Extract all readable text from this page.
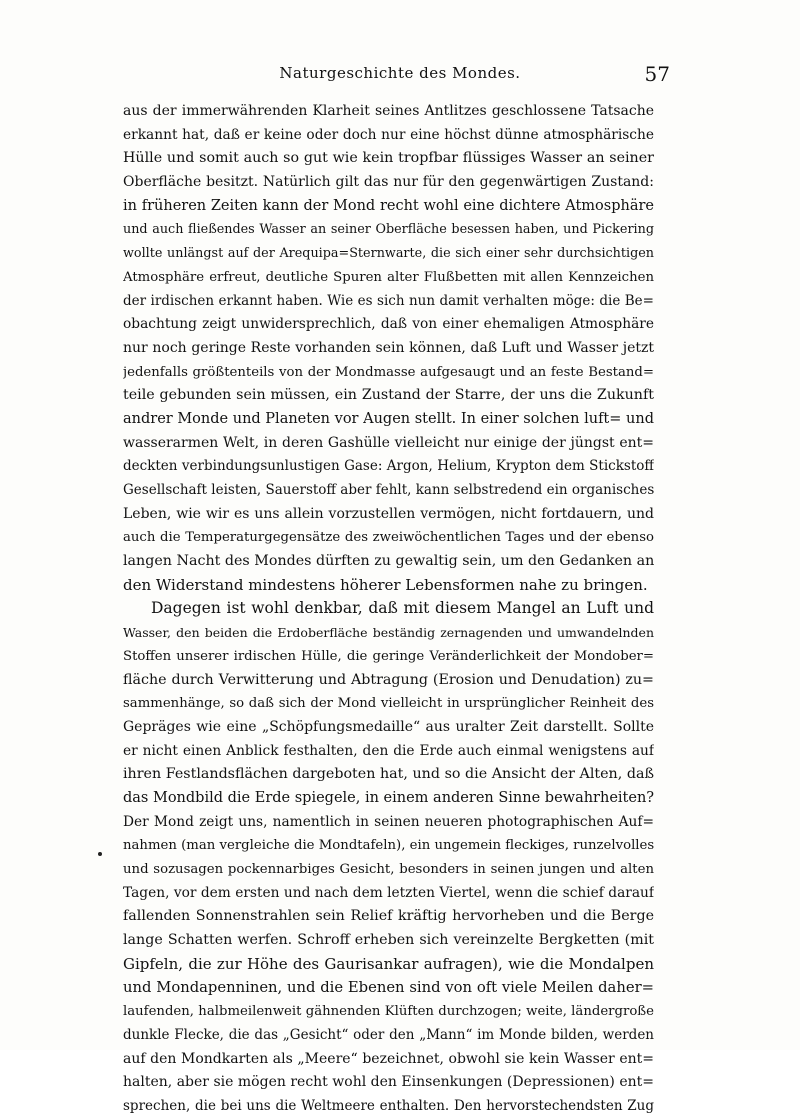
Naturgeschichte des Mondes.	57
aus der immerwährenden Klarheit seines Antlitzes geschlossene Tatsache
erkannt hat, daß er keine oder doch nur eine höchst dünne atmosphärische
Hülle und somit auch so gut wie kein tropfbar flüssiges Wasser an seiner
Oberfläche besitzt. Natürlich gilt das nur für den gegenwärtigen Zustand:
in früheren Zeiten kann der Mond recht wohl eine dichtere Atmosphäre
und auch fließendes Wasser an seiner Oberfläche besessen haben, und Pickering
wollte unlängst auf der Arequipa=Sternwarte, die sich einer sehr durchsichtigen
Atmosphäre erfreut, deutliche Spuren alter Flußbetten mit allen Kennzeichen
der irdischen erkannt haben. Wie es sich nun damit verhalten möge: die Be=
obachtung zeigt unwidersprechlich, daß von einer ehemaligen Atmosphäre
nur noch geringe Reste vorhanden sein können, daß Luft und Wasser jetzt
jedenfalls größtenteils von der Mondmasse aufgesaugt und an feste Bestand=
teile gebunden sein müssen, ein Zustand der Starre, der uns die Zukunft
andrer Monde und Planeten vor Augen stellt. In einer solchen luft= und
wasserarmen Welt, in deren Gashülle vielleicht nur einige der jüngst ent=
deckten verbindungsunlustigen Gase: Argon, Helium, Krypton dem Stickstoff
Gesellschaft leisten, Sauerstoff aber fehlt, kann selbstredend ein organisches
Leben, wie wir es uns allein vorzustellen vermögen, nicht fortdauern, und
auch die Temperaturgegensätze des zweiwöchentlichen Tages und der ebenso
langen Nacht des Mondes dürften zu gewaltig sein, um den Gedanken an
den Widerstand mindestens höherer Lebensformen nahe zu bringen.
Dagegen ist wohl denkbar, daß mit diesem Mangel an Luft und
Wasser, den beiden die Erdoberfläche beständig zernagenden und umwandelnden
Stoffen unserer irdischen Hülle, die geringe Veränderlichkeit der Mondober=
fläche durch Verwitterung und Abtragung (Erosion und Denudation) zu=
sammenhänge, so daß sich der Mond vielleicht in ursprünglicher Reinheit des
Gepräges wie eine „Schöpfungsmedaille“ aus uralter Zeit darstellt. Sollte
er nicht einen Anblick festhalten, den die Erde auch einmal wenigstens auf
ihren Festlandsflächen dargeboten hat, und so die Ansicht der Alten, daß
das Mondbild die Erde spiegele, in einem anderen Sinne bewahrheiten?
Der Mond zeigt uns, namentlich in seinen neueren photographischen Auf=
nahmen (man vergleiche die Mondtafeln), ein ungemein fleckiges, runzelvolles
und sozusagen pockennarbiges Gesicht, besonders in seinen jungen und alten
Tagen, vor dem ersten und nach dem letzten Viertel, wenn die schief darauf
fallenden Sonnenstrahlen sein Relief kräftig hervorheben und die Berge
lange Schatten werfen. Schroff erheben sich vereinzelte Bergketten (mit
Gipfeln, die zur Höhe des Gaurisankar aufragen), wie die Mondalpen
und Mondapenninen, und die Ebenen sind von oft viele Meilen daher=
laufenden, halbmeilenweit gähnenden Klüften durchzogen; weite, ländergroße
dunkle Flecke, die das „Gesicht“ oder den „Mann“ im Monde bilden, werden
auf den Mondkarten als „Meere“ bezeichnet, obwohl sie kein Wasser ent=
halten, aber sie mögen recht wohl den Einsenkungen (Depressionen) ent=
sprechen, die bei uns die Weltmeere enthalten. Den hervorstechendsten Zug
